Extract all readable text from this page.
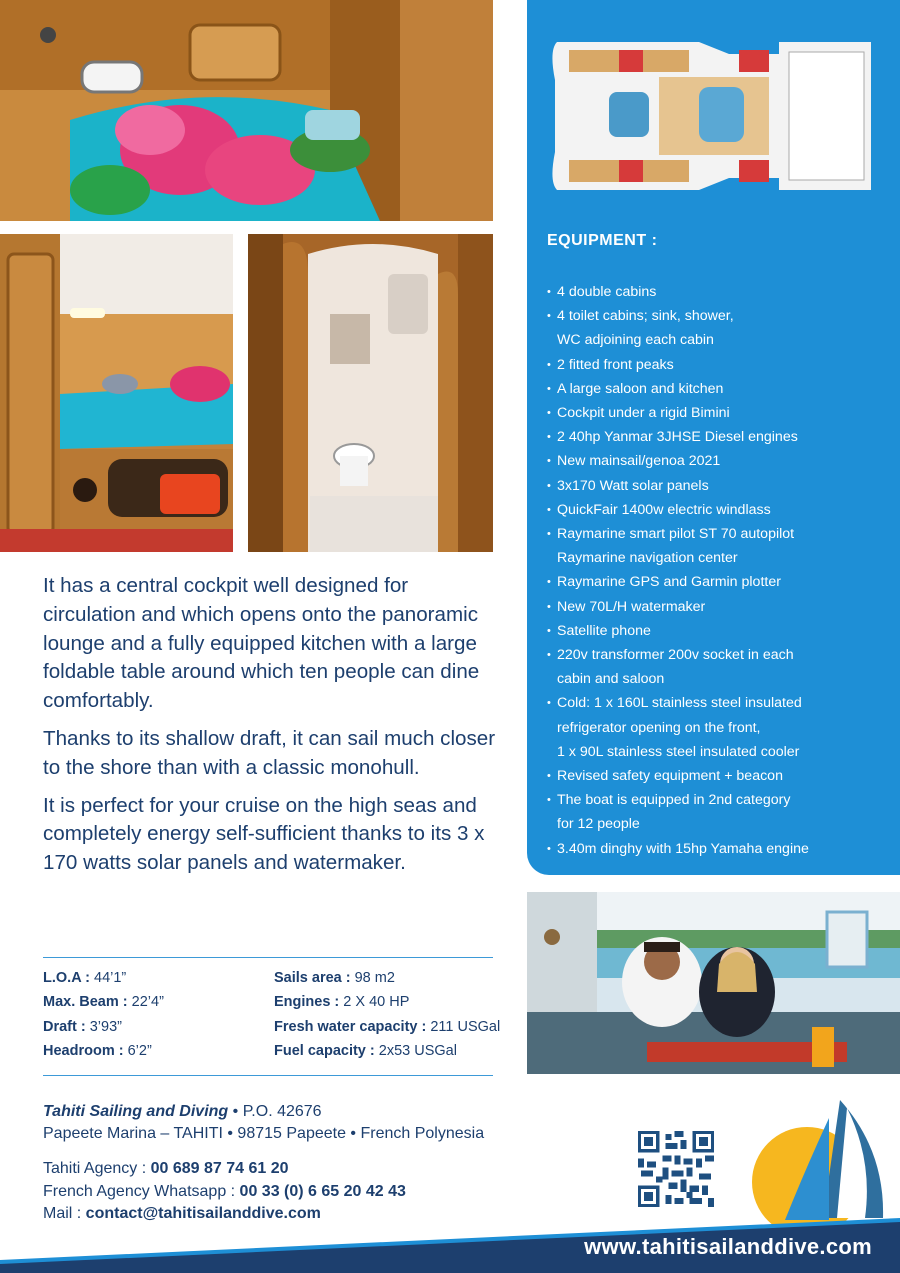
EQUIPMENT :
• 4 double cabins
• 4 toilet cabins; sink, shower,
WC adjoining each cabin
• 2 fitted front peaks
• A large saloon and kitchen
• Cockpit under a rigid Bimini
• 2 40hp Yanmar 3JHSE Diesel engines
• New mainsail/genoa 2021
• 3x170 Watt solar panels
• QuickFair 1400w electric windlass
• Raymarine smart pilot ST 70 autopilot
Raymarine navigation center
• Raymarine GPS and Garmin plotter
• New 70L/H watermaker
• Satellite phone
• 220v transformer 200v socket in each
cabin and saloon
• Cold: 1 x 160L stainless steel insulated
refrigerator opening on the front,
1 x 90L stainless steel insulated cooler
• Revised safety equipment + beacon
• The boat is equipped in 2nd category
for 12 people
• 3.40m dinghy with 15hp Yamaha engine

It has a central cockpit well designed for circulation and which opens onto the panoramic lounge and a fully equipped kitchen with a large foldable table around which ten people can dine comfortably.

Thanks to its shallow draft, it can sail much closer to the shore than with a classic monohull.

It is perfect for your cruise on the high seas and completely energy self-sufficient thanks to its 3 x 170 watts solar panels and watermaker.

L.O.A : 44’1”
Max. Beam : 22’4”
Draft : 3’93”
Headroom : 6’2”
Sails area : 98 m2
Engines : 2 X 40 HP
Fresh water capacity : 211 USGal
Fuel capacity : 2x53 USGal
Tahiti Sailing and Diving • P.O. 42676
Papeete Marina – TAHITI • 98715 Papeete • French Polynesia
Tahiti Agency : 00 689 87 74 61 20
French Agency Whatsapp : 00 33 (0) 6 65 20 42 43
Mail : contact@tahitisailanddive.com
www.tahitisailanddive.com
